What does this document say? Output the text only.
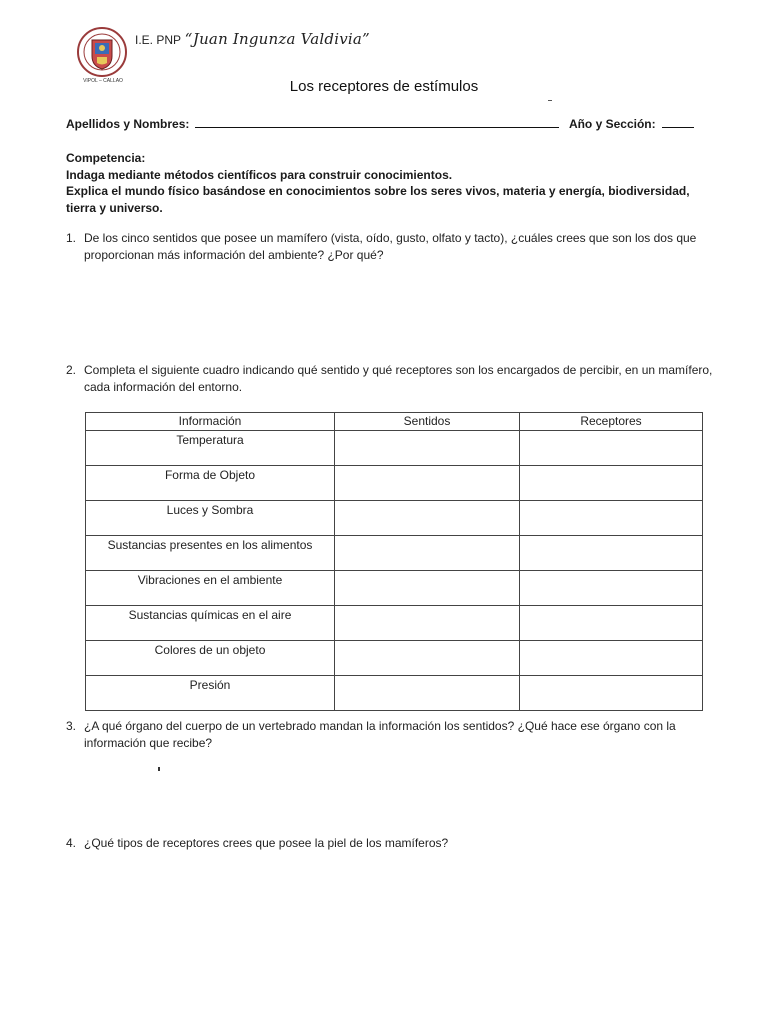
VIPOL – CALLAO
I.E. PNP “Juan Ingunza Valdivia”
Los receptores de estímulos
Apellidos y Nombres:	Año y Sección:
Competencia:
Indaga mediante métodos científicos para construir conocimientos.
Explica el mundo físico basándose en conocimientos sobre los seres vivos, materia y energía, biodiversidad, tierra y universo.
1. De los cinco sentidos que posee un mamífero (vista, oído, gusto, olfato y tacto), ¿cuáles crees que son los dos que proporcionan más información del ambiente? ¿Por qué?
2. Completa el siguiente cuadro indicando qué sentido y qué receptores son los encargados de percibir, en un mamífero, cada información del entorno.
Información	Sentidos	Receptores
Temperatura		
Forma de Objeto		
Luces y Sombra		
Sustancias presentes en los alimentos		
Vibraciones en el ambiente		
Sustancias químicas en el aire		
Colores de un objeto		
Presión		
3. ¿A qué órgano del cuerpo de un vertebrado mandan la información los sentidos? ¿Qué hace ese órgano con la información que recibe?
4. ¿Qué tipos de receptores crees que posee la piel de los mamíferos?
